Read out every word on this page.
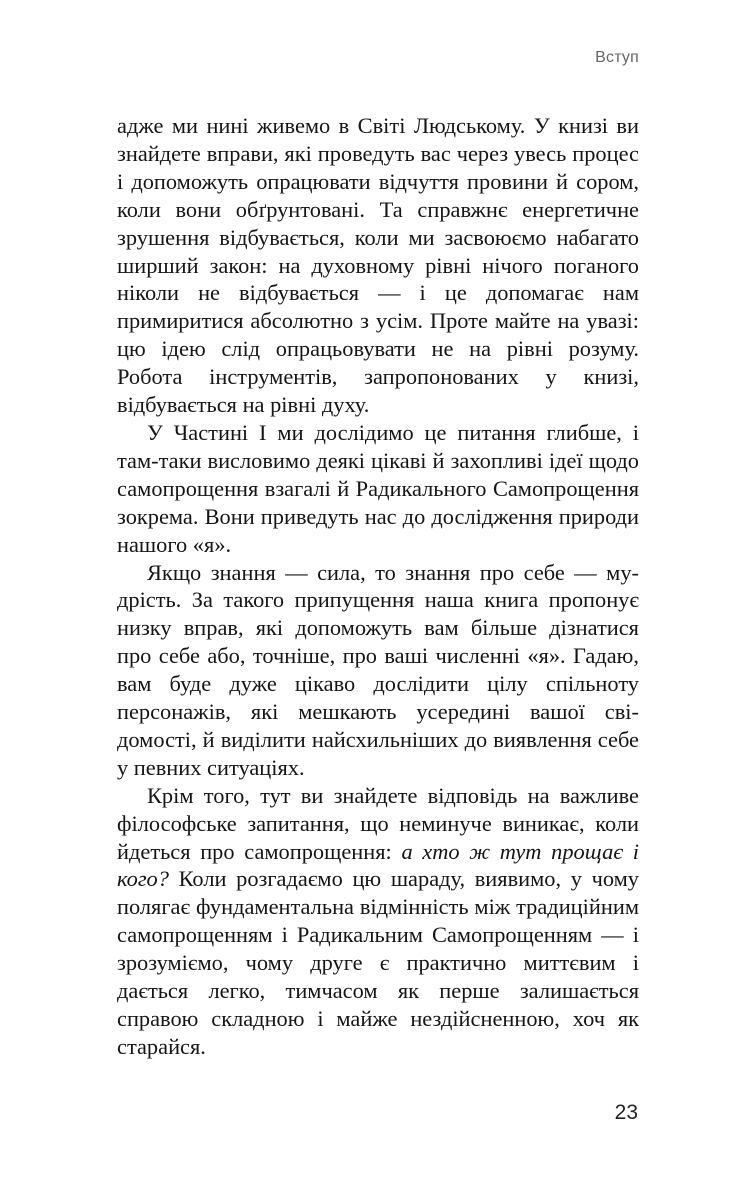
Вступ

адже ми нині живемо в Світі Людському. У книзі ви знайдете вправи, які проведуть вас через увесь процес і допоможуть опрацювати відчуття провини й сором, коли вони обґрунтовані. Та справжнє енергетичне зрушення відбувається, коли ми засвоюємо набагато ширший закон: на духовному рівні нічого поганого ніколи не відбувається — і це допомагає нам примиритися абсолютно з усім. Проте майте на увазі: цю ідею слід опрацьовувати не на рівні розуму. Робота інструментів, запропонованих у книзі, відбувається на рівні духу.

У Частині I ми дослідимо це питання глибше, і там-таки висловимо деякі цікаві й захопливі ідеї щодо самопрощення взагалі й Радикального Самопрощення зокрема. Вони приведуть нас до дослідження природи нашого «я».

Якщо знання — сила, то знання про себе — мудрість. За такого припущення наша книга пропонує низку вправ, які допоможуть вам більше дізнатися про себе або, точніше, про ваші численні «я». Гадаю, вам буде дуже цікаво дослідити цілу спільноту персонажів, які мешкають усередині вашої свідомості, й виділити найсхильніших до виявлення себе у певних ситуаціях.

Крім того, тут ви знайдете відповідь на важливе філософське запитання, що неминуче виникає, коли йдеться про самопрощення: а хто ж тут прощає і кого? Коли розгадаємо цю шараду, виявимо, у чому полягає фундаментальна відмінність між традиційним самопрощенням і Радикальним Самопрощенням — і зрозуміємо, чому друге є практично миттєвим і дається легко, тимчасом як перше залишається справою складною і майже нездійсненною, хоч як старайся.

23
